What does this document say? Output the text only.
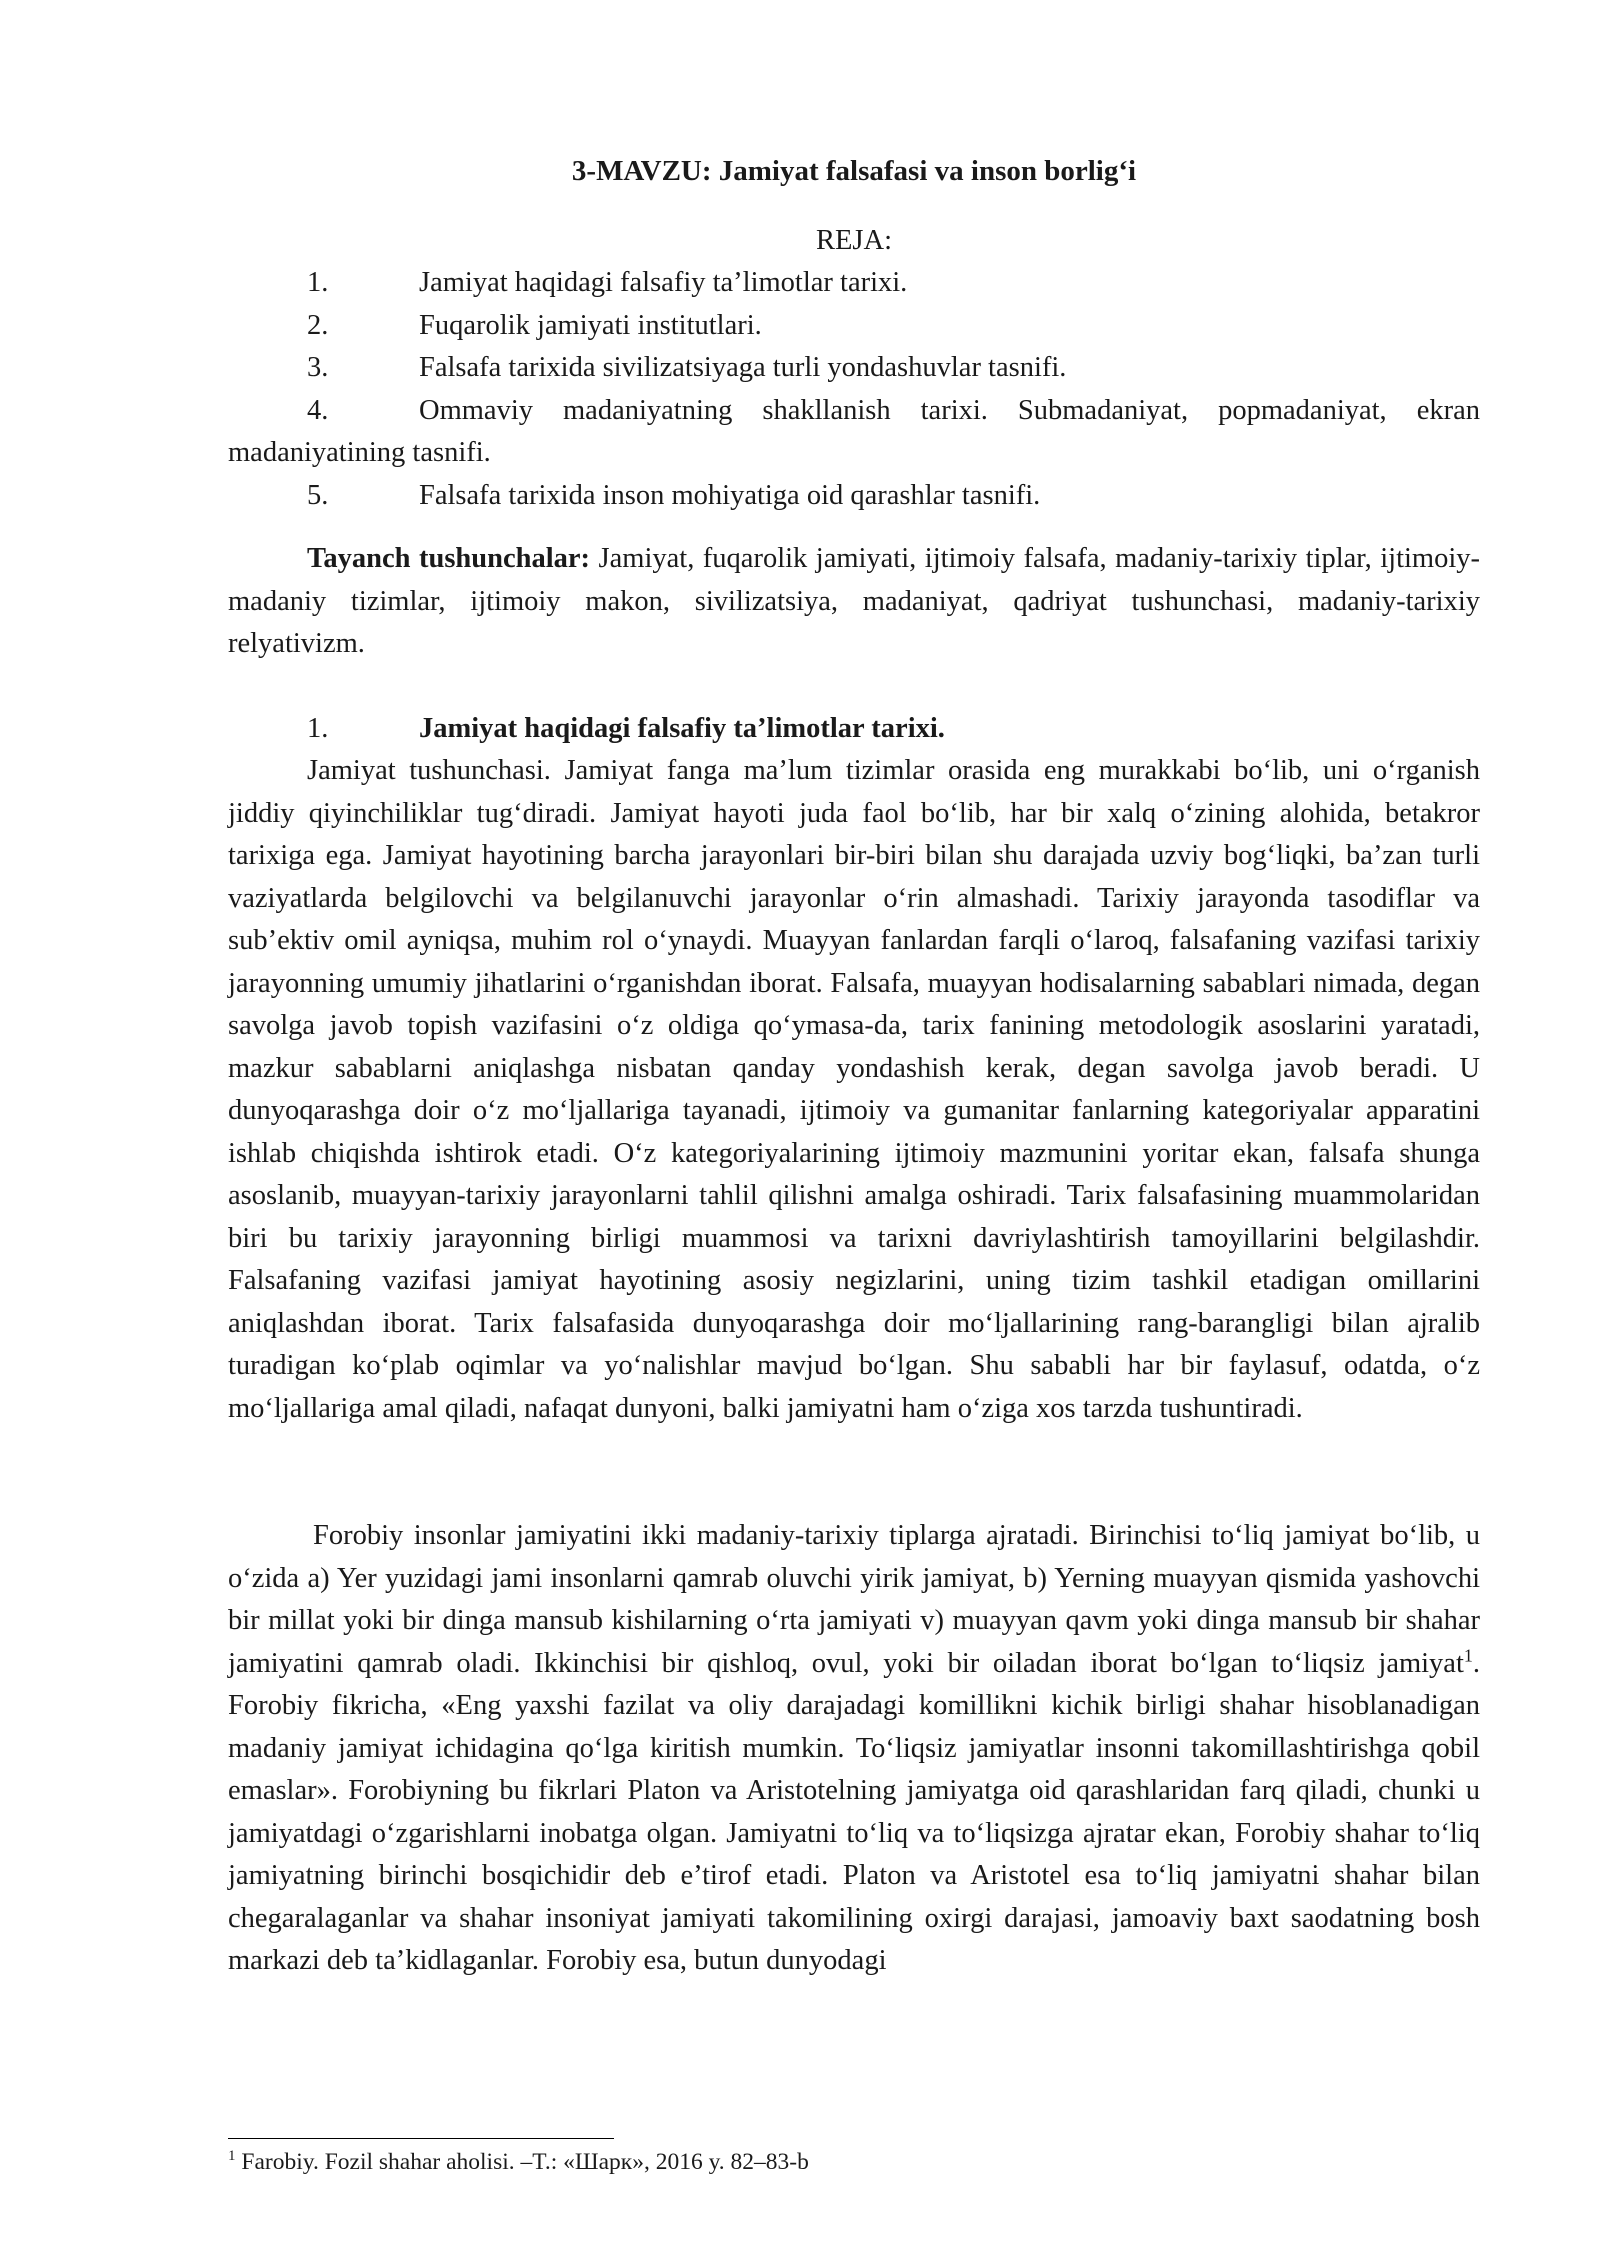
3-MAVZU: Jamiyat falsafasi va inson borlig‘i
REJA:
1.	Jamiyat haqidagi falsafiy ta’limotlar tarixi.
2.	Fuqarolik jamiyati institutlari.
3.	Falsafa tarixida sivilizatsiyaga turli yondashuvlar tasnifi.
4.	Ommaviy madaniyatning shakllanish tarixi. Submadaniyat, popmadaniyat, ekran madaniyatining tasnifi.
5.	Falsafa tarixida inson mohiyatiga oid qarashlar tasnifi.

Tayanch tushunchalar: Jamiyat, fuqarolik jamiyati, ijtimoiy falsafa, madaniy-tarixiy tiplar, ijtimoiy-madaniy tizimlar, ijtimoiy makon, sivilizatsiya, madaniyat, qadriyat tushunchasi, madaniy-tarixiy relyativizm.

1.	Jamiyat haqidagi falsafiy ta’limotlar tarixi.

Jamiyat tushunchasi. Jamiyat fanga ma’lum tizimlar orasida eng murakkabi bo‘lib, uni o‘rganish jiddiy qiyinchiliklar tug‘diradi. Jamiyat hayoti juda faol bo‘lib, har bir xalq o‘zining alohida, betakror tarixiga ega. Jamiyat hayotining barcha jarayonlari bir-biri bilan shu darajada uzviy bog‘liqki, ba’zan turli vaziyatlarda belgilovchi va belgilanuvchi jarayonlar o‘rin almashadi. Tarixiy jarayonda tasodiflar va sub’ektiv omil ayniqsa, muhim rol o‘ynaydi. Muayyan fanlardan farqli o‘laroq, falsafaning vazifasi tarixiy jarayonning umumiy jihatlarini o‘rganishdan iborat. Falsafa, muayyan hodisalarning sabablari nimada, degan savolga javob topish vazifasini o‘z oldiga qo‘ymasa-da, tarix fanining metodologik asoslarini yaratadi, mazkur sabablarni aniqlashga nisbatan qanday yondashish kerak, degan savolga javob beradi. U dunyoqarashga doir o‘z mo‘ljallariga tayanadi, ijtimoiy va gumanitar fanlarning kategoriyalar apparatini ishlab chiqishda ishtirok etadi. O‘z kategoriyalarining ijtimoiy mazmunini yoritar ekan, falsafa shunga asoslanib, muayyan-tarixiy jarayonlarni tahlil qilishni amalga oshiradi. Tarix falsafasining muammolaridan biri bu tarixiy jarayonning birligi muammosi va tarixni davriylashtirish tamoyillarini belgilashdir. Falsafaning vazifasi jamiyat hayotining asosiy negizlarini, uning tizim tashkil etadigan omillarini aniqlashdan iborat. Tarix falsafasida dunyoqarashga doir mo‘ljallarining rang-barangligi bilan ajralib turadigan ko‘plab oqimlar va yo‘nalishlar mavjud bo‘lgan. Shu sababli har bir faylasuf, odatda, o‘z mo‘ljallariga amal qiladi, nafaqat dunyoni, balki jamiyatni ham o‘ziga xos tarzda tushuntiradi.

Forobiy insonlar jamiyatini ikki madaniy-tarixiy tiplarga ajratadi. Birinchisi to‘liq jamiyat bo‘lib, u o‘zida a) Yer yuzidagi jami insonlarni qamrab oluvchi yirik jamiyat, b) Yerning muayyan qismida yashovchi bir millat yoki bir dinga mansub kishilarning o‘rta jamiyati v) muayyan qavm yoki dinga mansub bir shahar jamiyatini qamrab oladi. Ikkinchisi bir qishloq, ovul, yoki bir oiladan iborat bo‘lgan to‘liqsiz jamiyat$^1$. Forobiy fikricha, «Eng yaxshi fazilat va oliy darajadagi komillikni kichik birligi shahar hisoblanadigan madaniy jamiyat ichidagina qo‘lga kiritish mumkin. To‘liqsiz jamiyatlar insonni takomillashtirishga qobil emaslar». Forobiyning bu fikrlari Platon va Aristotelning jamiyatga oid qarashlaridan farq qiladi, chunki u jamiyatdagi o‘zgarishlarni inobatga olgan. Jamiyatni to‘liq va to‘liqsizga ajratar ekan, Forobiy shahar to‘liq jamiyatning birinchi bosqichidir deb e’tirof etadi. Platon va Aristotel esa to‘liq jamiyatni shahar bilan chegaralaganlar va shahar insoniyat jamiyati takomilining oxirgi darajasi, jamoaviy baxt saodatning bosh markazi deb ta’kidlaganlar. Forobiy esa, butun dunyodagi

$^1$ Farobiy. Fozil shahar aholisi. –T.: «Шарк», 2016 y. 82–83-b
